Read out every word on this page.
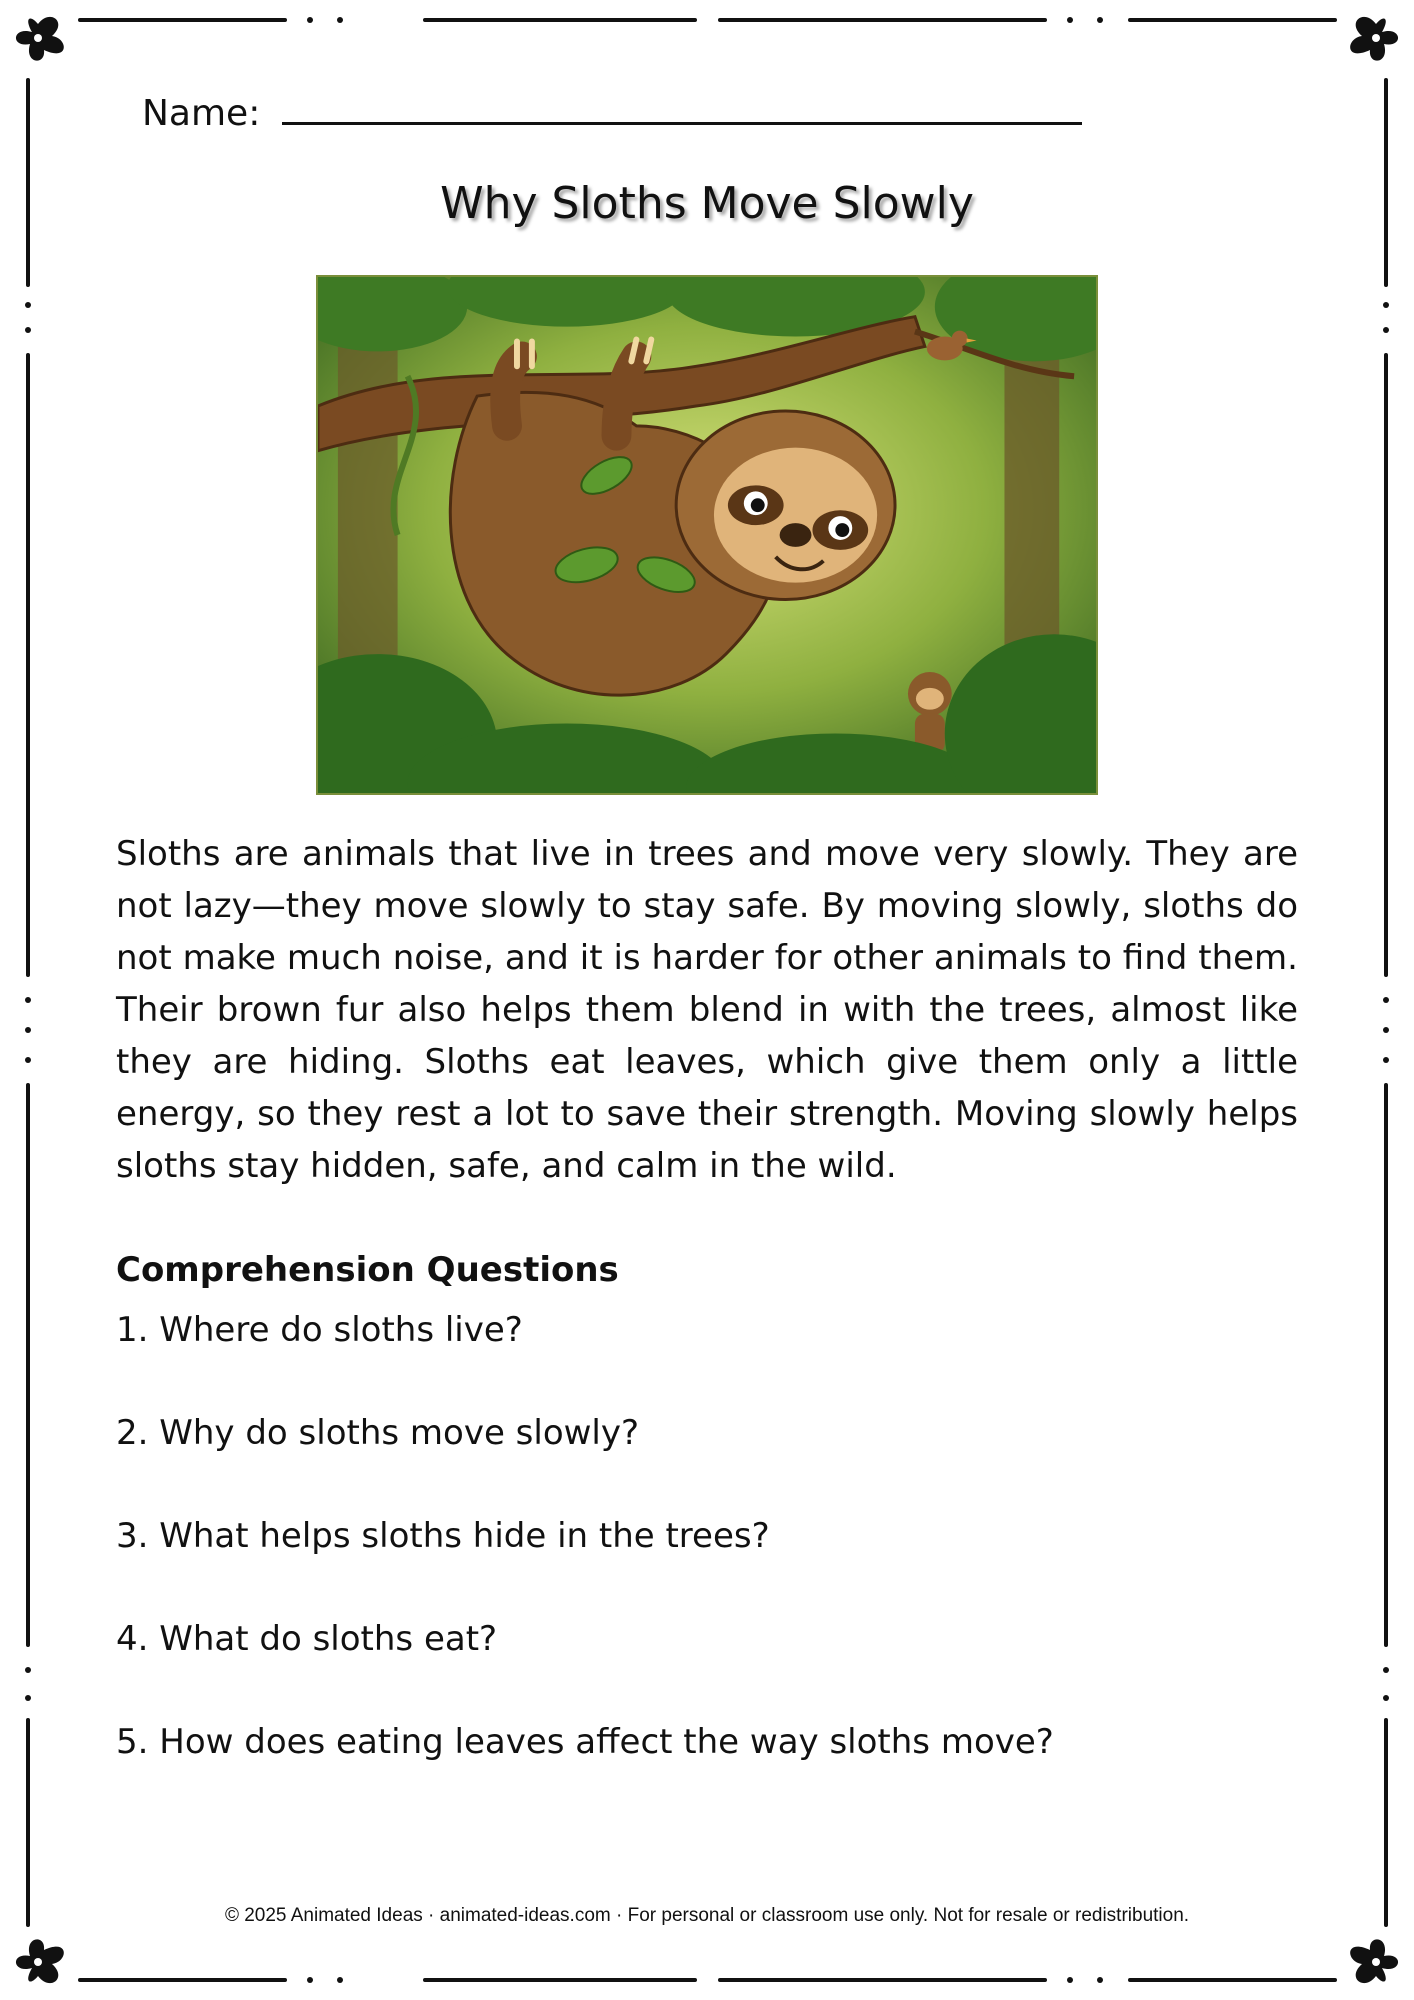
Name:
Why Sloths Move Slowly

Sloths are animals that live in trees and move very slowly. They are not lazy—they move slowly to stay safe. By moving slowly, sloths do not make much noise, and it is harder for other animals to find them. Their brown fur also helps them blend in with the trees, almost like they are hiding. Sloths eat leaves, which give them only a little energy, so they rest a lot to save their strength. Moving slowly helps sloths stay hidden, safe, and calm in the wild.

Comprehension Questions
1. Where do sloths live?
2. Why do sloths move slowly?
3. What helps sloths hide in the trees?
4. What do sloths eat?
5. How does eating leaves affect the way sloths move?
© 2025 Animated Ideas · animated-ideas.com · For personal or classroom use only. Not for resale or redistribution.
